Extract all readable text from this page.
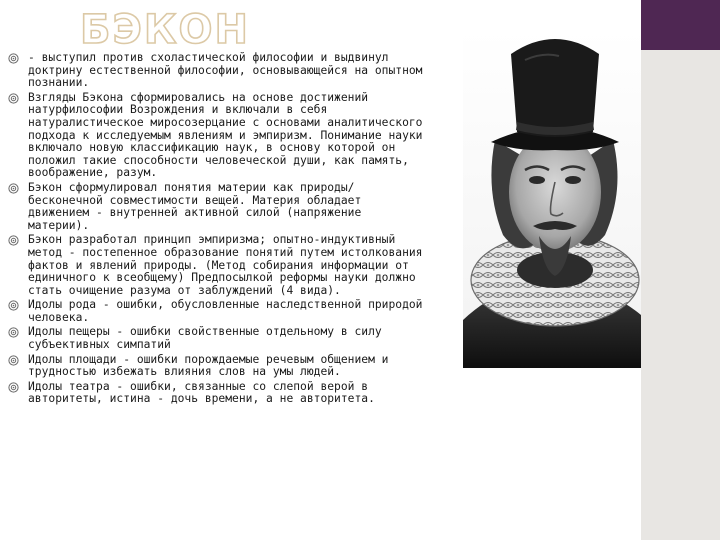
БЭКОН
- выступил против схоластической философии и выдвинул доктрину естественной философии, основывающейся на опытном познании.
Взгляды Бэкона сформировались на основе достижений натурфилософии Возрождения и включали в себя натуралистическое миросозерцание с основами аналитического подхода к исследуемым явлениям и эмпиризм. Понимание науки включало новую классификацию наук, в основу которой он положил такие способности человеческой души, как память, воображение, разум.
Бэкон сформулировал понятия материи как природы/бесконечной совместимости вещей. Материя обладает движением - внутренней активной силой (напряжение материи).
Бэкон разработал принцип эмпиризма; опытно-индуктивный метод - постепенное образование понятий путем истолкования фактов и явлений природы. (Метод собирания информации от единичного к всеобщему) Предпосылкой реформы науки должно стать очищение разума от заблуждений (4 вида).
Идолы рода - ошибки, обусловленные наследственной природой человека.
Идолы пещеры - ошибки свойственные отдельному в силу субъективных симпатий
Идолы площади - ошибки порождаемые речевым общением и трудностью избежать влияния слов на умы людей.
Идолы театра - ошибки, связанные со слепой верой в авторитеты, истина - дочь времени, а не авторитета.
